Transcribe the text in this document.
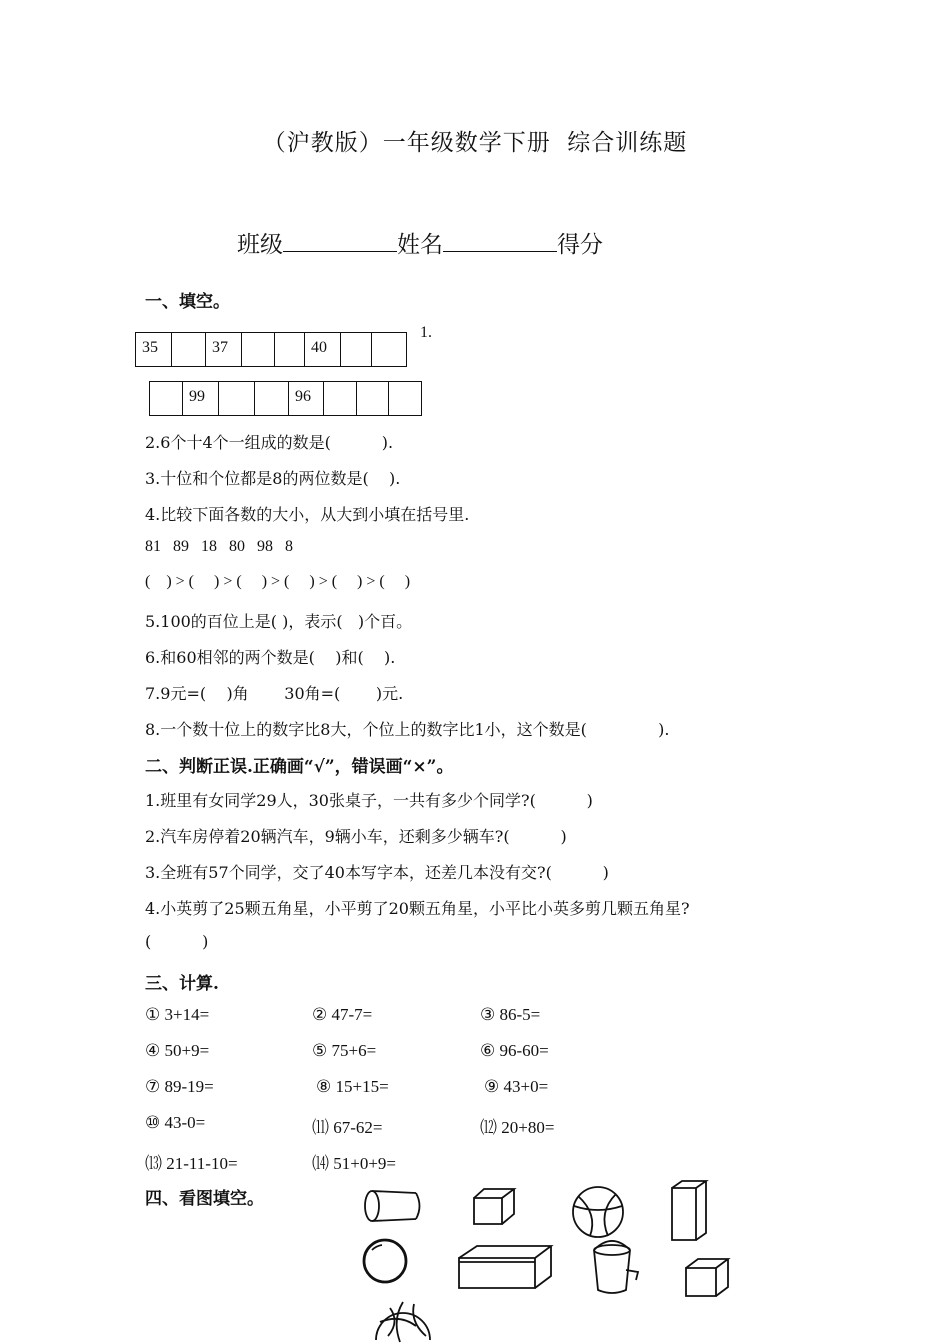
（沪教版）一年级数学下册  综合训练题
班级	姓名	得分
一、填空。
35		37			40		
1.
	99			96			
2.6个十4个一组成的数是(          ).
3.十位和个位都是8的两位数是(    ).
4.比较下面各数的大小，从大到小填在括号里.
81   89   18   80   98   8
(    ) > (     ) > (     ) > (     ) > (     ) > (     )
5.100的百位上是( )，表示(   )个百。
6.和60相邻的两个数是(    )和(    ).
7.9元=(    )角       30角=(       )元.
8.一个数十位上的数字比8大，个位上的数字比1小，这个数是(              ).
二、判断正误.正确画“√”，错误画“×”。
1.班里有女同学29人，30张桌子，一共有多少个同学?(          )
2.汽车房停着20辆汽车，9辆小车，还剩多少辆车?(          )
3.全班有57个同学，交了40本写字本，还差几本没有交?(          )
4.小英剪了25颗五角星，小平剪了20颗五角星，小平比小英多剪几颗五角星?
(          )
三、计算.
① 3+14=	② 47-7=	③ 86-5=
④ 50+9=	⑤ 75+6=	⑥ 96-60=
⑦ 89-19=	⑧ 15+15=	⑨ 43+0=
⑩ 43-0=	⑾ 67-62=	⑿ 20+80=
⒀ 21-11-10=	⒁ 51+0+9=
四、看图填空。
